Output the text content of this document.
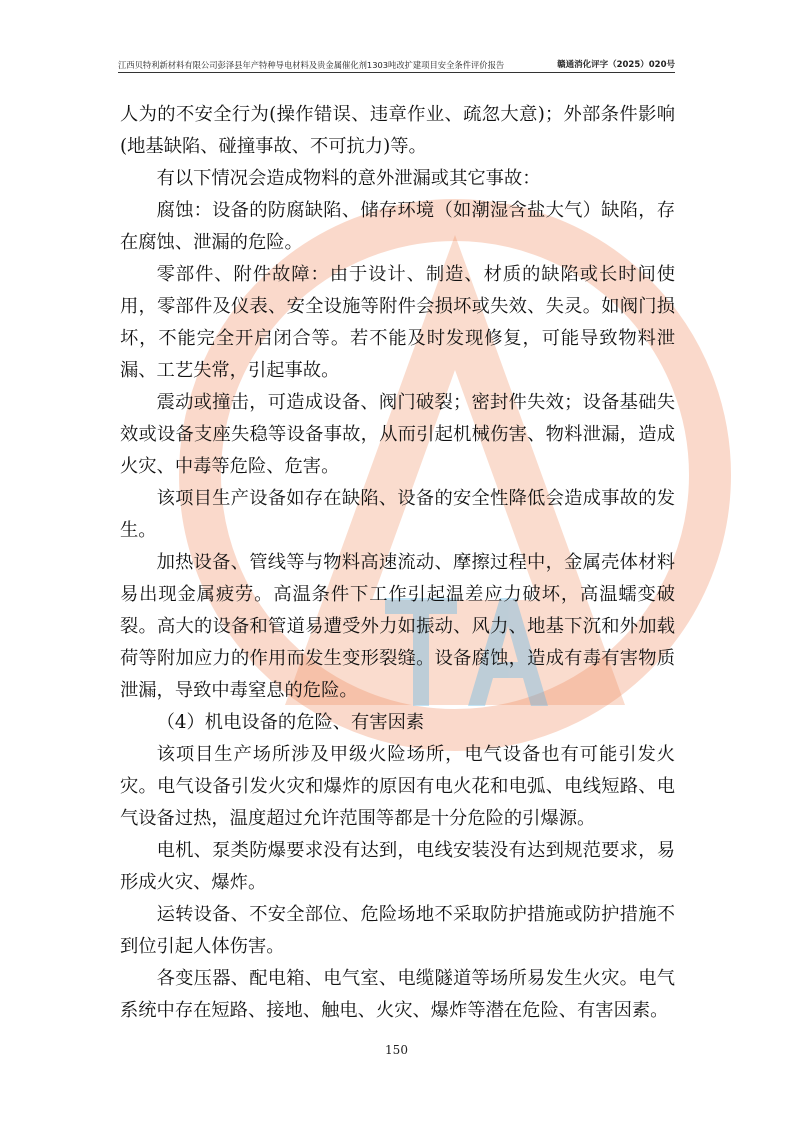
江西贝特利新材料有限公司彭泽县年产特种导电材料及贵金属催化剂1303吨改扩建项目安全条件评价报告	赣通消化评字（2025）020号

人为的不安全行为(操作错误、违章作业、疏忽大意)；外部条件影响(地基缺陷、碰撞事故、不可抗力)等。

有以下情况会造成物料的意外泄漏或其它事故：

腐蚀：设备的防腐缺陷、储存环境（如潮湿含盐大气）缺陷，存在腐蚀、泄漏的危险。

零部件、附件故障：由于设计、制造、材质的缺陷或长时间使用，零部件及仪表、安全设施等附件会损坏或失效、失灵。如阀门损坏，不能完全开启闭合等。若不能及时发现修复，可能导致物料泄漏、工艺失常，引起事故。

震动或撞击，可造成设备、阀门破裂；密封件失效；设备基础失效或设备支座失稳等设备事故，从而引起机械伤害、物料泄漏，造成火灾、中毒等危险、危害。

该项目生产设备如存在缺陷、设备的安全性降低会造成事故的发生。

加热设备、管线等与物料高速流动、摩擦过程中，金属壳体材料易出现金属疲劳。高温条件下工作引起温差应力破坏，高温蠕变破裂。高大的设备和管道易遭受外力如振动、风力、地基下沉和外加载荷等附加应力的作用而发生变形裂缝。设备腐蚀，造成有毒有害物质泄漏，导致中毒窒息的危险。

（4）机电设备的危险、有害因素

该项目生产场所涉及甲级火险场所，电气设备也有可能引发火灾。电气设备引发火灾和爆炸的原因有电火花和电弧、电线短路、电气设备过热，温度超过允许范围等都是十分危险的引爆源。

电机、泵类防爆要求没有达到，电线安装没有达到规范要求，易形成火灾、爆炸。

运转设备、不安全部位、危险场地不采取防护措施或防护措施不到位引起人体伤害。

各变压器、配电箱、电气室、电缆隧道等场所易发生火灾。电气系统中存在短路、接地、触电、火灾、爆炸等潜在危险、有害因素。

150
